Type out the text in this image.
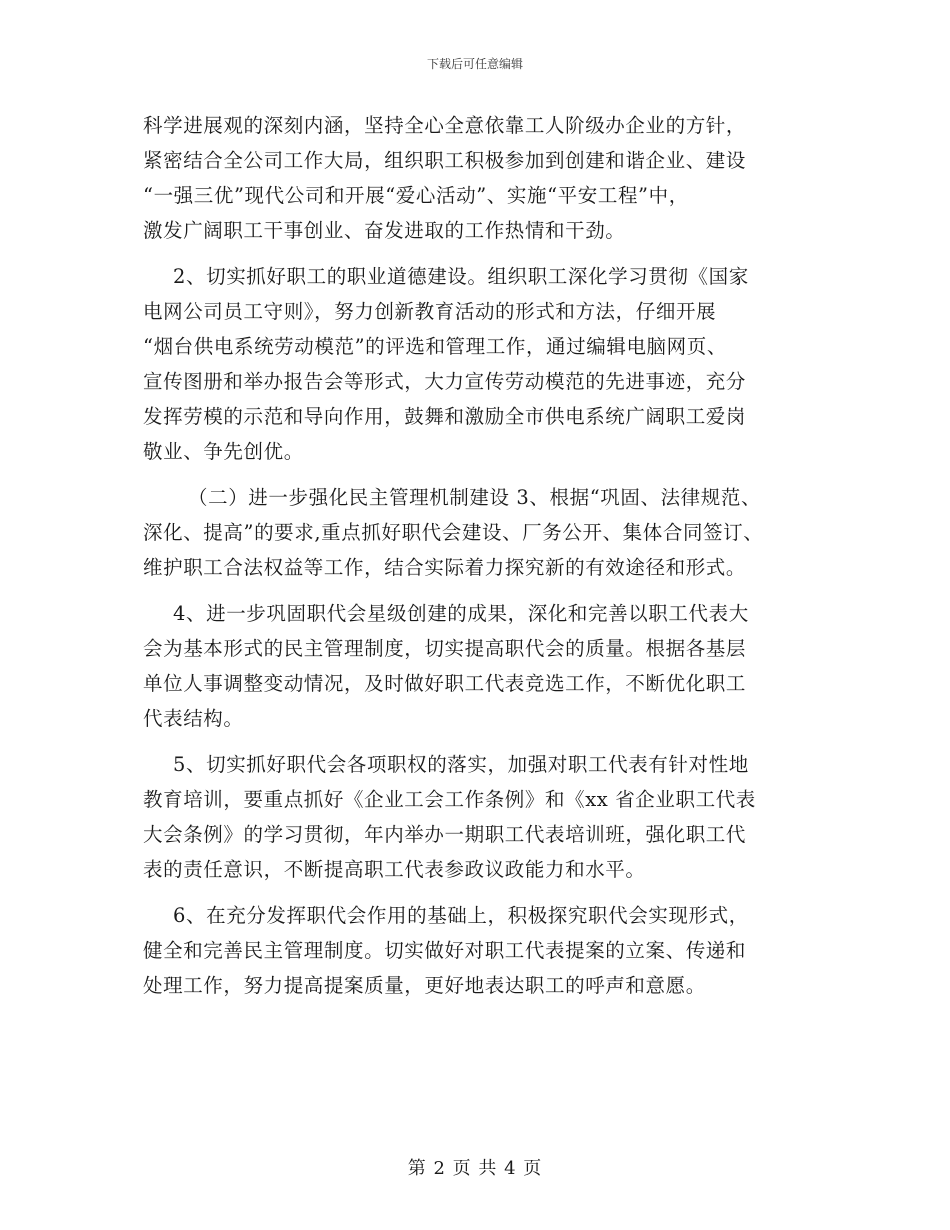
下载后可任意编辑
科学进展观的深刻内涵，坚持全心全意依靠工人阶级办企业的方针，
紧密结合全公司工作大局，组织职工积极参加到创建和谐企业、建设
“一强三优”现代公司和开展“爱心活动”、实施“平安工程”中，
激发广阔职工干事创业、奋发进取的工作热情和干劲。
2、切实抓好职工的职业道德建设。组织职工深化学习贯彻《国家
电网公司员工守则》，努力创新教育活动的形式和方法，仔细开展
“烟台供电系统劳动模范”的评选和管理工作，通过编辑电脑网页、
宣传图册和举办报告会等形式，大力宣传劳动模范的先进事迹，充分
发挥劳模的示范和导向作用，鼓舞和激励全市供电系统广阔职工爱岗
敬业、争先创优。
（二）进一步强化民主管理机制建设 3、根据“巩固、法律规范、
深化、提高”的要求,重点抓好职代会建设、厂务公开、集体合同签订、
维护职工合法权益等工作，结合实际着力探究新的有效途径和形式。
4、进一步巩固职代会星级创建的成果，深化和完善以职工代表大
会为基本形式的民主管理制度，切实提高职代会的质量。根据各基层
单位人事调整变动情况，及时做好职工代表竞选工作，不断优化职工
代表结构。
5、切实抓好职代会各项职权的落实，加强对职工代表有针对性地
教育培训，要重点抓好《企业工会工作条例》和《xx 省企业职工代表
大会条例》的学习贯彻，年内举办一期职工代表培训班，强化职工代
表的责任意识，不断提高职工代表参政议政能力和水平。
6、在充分发挥职代会作用的基础上，积极探究职代会实现形式，
健全和完善民主管理制度。切实做好对职工代表提案的立案、传递和
处理工作，努力提高提案质量，更好地表达职工的呼声和意愿。
第 2 页 共 4 页
